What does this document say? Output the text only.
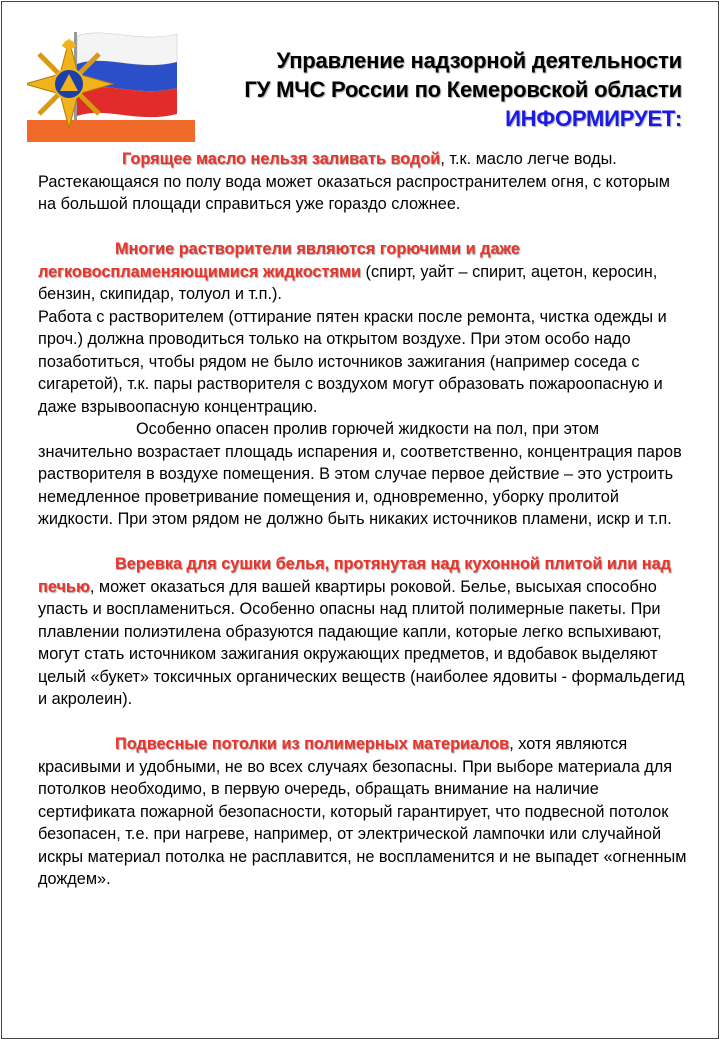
Управление надзорной деятельности
ГУ МЧС России по Кемеровской области
ИНФОРМИРУЕТ:

Горящее масло нельзя заливать водой, т.к. масло легче воды. Растекающаяся по полу вода может оказаться распространителем огня, с которым на большой площади справиться уже гораздо сложнее.

Многие растворители являются горючими и даже легковоспламеняющимися жидкостями (спирт, уайт – спирит, ацетон, керосин, бензин, скипидар, толуол и т.п.).

Работа с растворителем (оттирание пятен краски после ремонта, чистка одежды и проч.) должна проводиться только на открытом воздухе. При этом особо надо позаботиться, чтобы рядом не было источников зажигания (например соседа с сигаретой), т.к. пары растворителя с воздухом могут образовать пожароопасную и даже взрывоопасную концентрацию.

Особенно опасен пролив горючей жидкости на пол, при этом значительно возрастает площадь испарения и, соответственно, концентрация паров растворителя в воздухе помещения. В этом случае первое действие – это устроить немедленное проветривание помещения и, одновременно, уборку пролитой жидкости. При этом рядом не должно быть никаких источников пламени, искр и т.п.

Веревка для сушки белья, протянутая над кухонной плитой или над печью, может оказаться для вашей квартиры роковой. Белье, высыхая способно упасть и воспламениться. Особенно опасны над плитой полимерные пакеты. При плавлении полиэтилена образуются падающие капли, которые легко вспыхивают, могут стать источником зажигания окружающих предметов, и вдобавок выделяют целый «букет» токсичных органических веществ (наиболее ядовиты - формальдегид и акролеин).

Подвесные потолки из полимерных материалов, хотя являются красивыми и удобными, не во всех случаях безопасны. При выборе материала для потолков необходимо, в первую очередь, обращать внимание на наличие сертификата пожарной безопасности, который гарантирует, что подвесной потолок безопасен, т.е. при нагреве, например, от электрической лампочки или случайной искры материал потолка не расплавится, не воспламенится и не выпадет «огненным дождем».
